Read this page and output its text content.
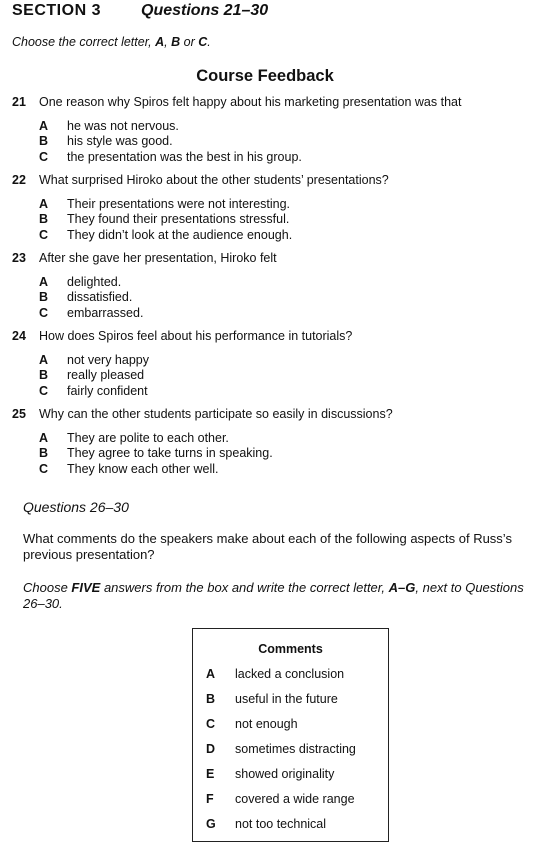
SECTION 3	Questions 21–30
Choose the correct letter, A, B or C.
Course Feedback
21 One reason why Spiros felt happy about his marketing presentation was that
A he was not nervous.
B his style was good.
C the presentation was the best in his group.
22 What surprised Hiroko about the other students’ presentations?
A Their presentations were not interesting.
B They found their presentations stressful.
C They didn’t look at the audience enough.
23 After she gave her presentation, Hiroko felt
A delighted.
B dissatisfied.
C embarrassed.
24 How does Spiros feel about his performance in tutorials?
A not very happy
B really pleased
C fairly confident
25 Why can the other students participate so easily in discussions?
A They are polite to each other.
B They agree to take turns in speaking.
C They know each other well.
Questions 26–30
What comments do the speakers make about each of the following aspects of Russ’s previous presentation?
Choose FIVE answers from the box and write the correct letter, A–G, next to Questions 26–30.
Comments
A lacked a conclusion
B useful in the future
C not enough
D sometimes distracting
E showed originality
F covered a wide range
G not too technical
